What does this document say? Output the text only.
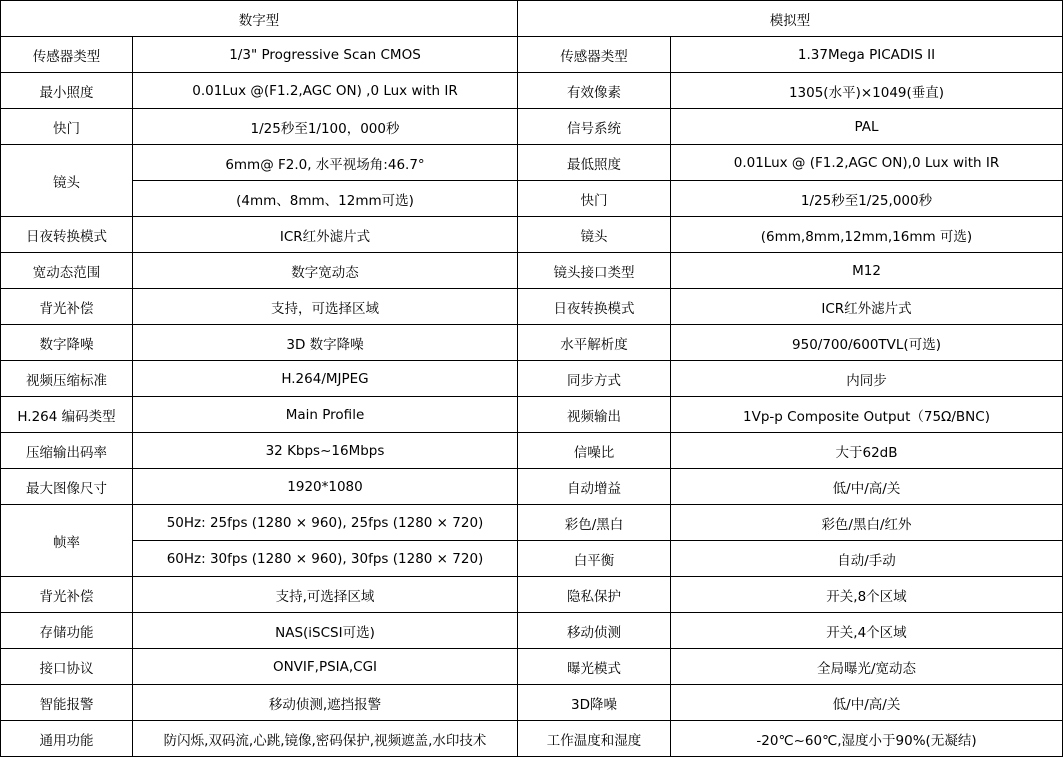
数字型		模拟型	
传感器类型	1/3" Progressive Scan CMOS	传感器类型	1.37Mega PICADIS II
最小照度	0.01Lux @(F1.2,AGC ON) ,0 Lux with IR	有效像素	1305(水平)×1049(垂直)
快门	1/25秒至1/100，000秒	信号系统	PAL
镜头	6mm@ F2.0, 水平视场角:46.7°	最低照度	0.01Lux @ (F1.2,AGC ON),0 Lux with IR
	(4mm、8mm、12mm可选)	快门	1/25秒至1/25,000秒
日夜转换模式	ICR红外滤片式	镜头	(6mm,8mm,12mm,16mm 可选)
宽动态范围	数字宽动态	镜头接口类型	M12
背光补偿	支持，可选择区域	日夜转换模式	ICR红外滤片式
数字降噪	3D 数字降噪	水平解析度	950/700/600TVL(可选)
视频压缩标准	H.264/MJPEG	同步方式	内同步
H.264 编码类型	Main Profile	视频输出	1Vp-p Composite Output（75Ω/BNC)
压缩输出码率	32 Kbps~16Mbps	信噪比	大于62dB
最大图像尺寸	1920*1080	自动增益	低/中/高/关
帧率	50Hz: 25fps (1280 × 960), 25fps (1280 × 720)	彩色/黑白	彩色/黑白/红外
	60Hz: 30fps (1280 × 960), 30fps (1280 × 720)	白平衡	自动/手动
背光补偿	支持,可选择区域	隐私保护	开关,8个区域
存储功能	NAS(iSCSI可选)	移动侦测	开关,4个区域
接口协议	ONVIF,PSIA,CGI	曝光模式	全局曝光/宽动态
智能报警	移动侦测,遮挡报警	3D降噪	低/中/高/关
通用功能	防闪烁,双码流,心跳,镜像,密码保护,视频遮盖,水印技术	工作温度和湿度	-20℃~60℃,湿度小于90%(无凝结)
